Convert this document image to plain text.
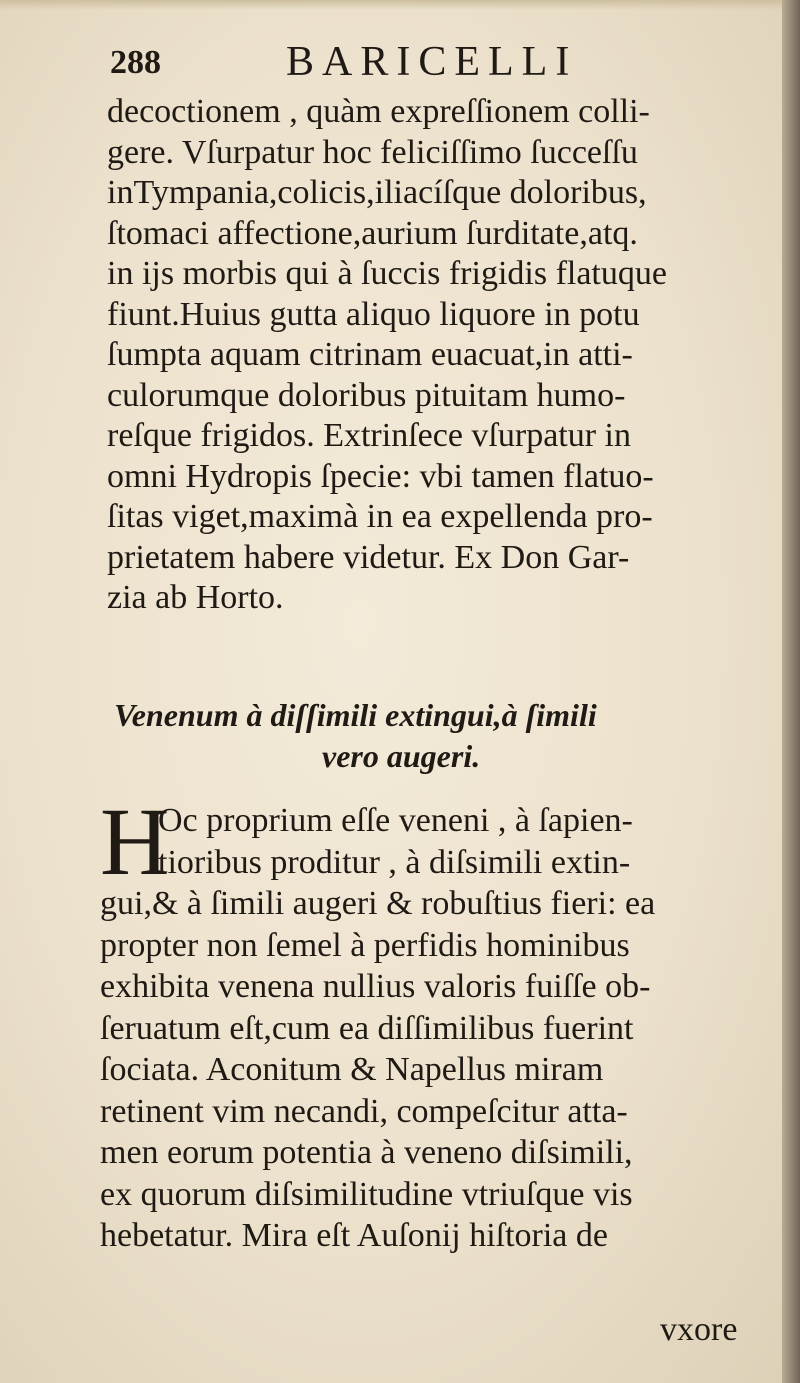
288	BARICELLI
decoctionem , quàm expreſſionem colli-
gere. Vſurpatur hoc feliciſſimo ſucceſſu
inTympania,colicis,iliacíſque doloribus,
ſtomaci affectione,aurium ſurditate,atq.
in ijs morbis qui à ſuccis frigidis flatuque
fiunt.Huius gutta aliquo liquore in potu
ſumpta aquam citrinam euacuat,in atti-
culorumque doloribus pituitam humo-
reſque frigidos. Extrinſece vſurpatur in
omni Hydropis ſpecie: vbi tamen flatuo-
ſitas viget,maximà in ea expellenda pro-
prietatem habere videtur. Ex Don Gar-
zia ab Horto.
Venenum à diſſimili extingui,à ſimili
vero augeri.
H
Oc proprium eſſe veneni , à ſapien-
tioribus proditur , à diſsimili extin-
gui,& à ſimili augeri & robuſtius fieri: ea
propter non ſemel à perfidis hominibus
exhibita venena nullius valoris fuiſſe ob-
ſeruatum eſt,cum ea diſſimilibus fuerint
ſociata. Aconitum & Napellus miram
retinent vim necandi, compeſcitur atta-
men eorum potentia à veneno diſsimili,
ex quorum diſsimilitudine vtriuſque vis
hebetatur. Mira eſt Auſonij hiſtoria de
vxore
